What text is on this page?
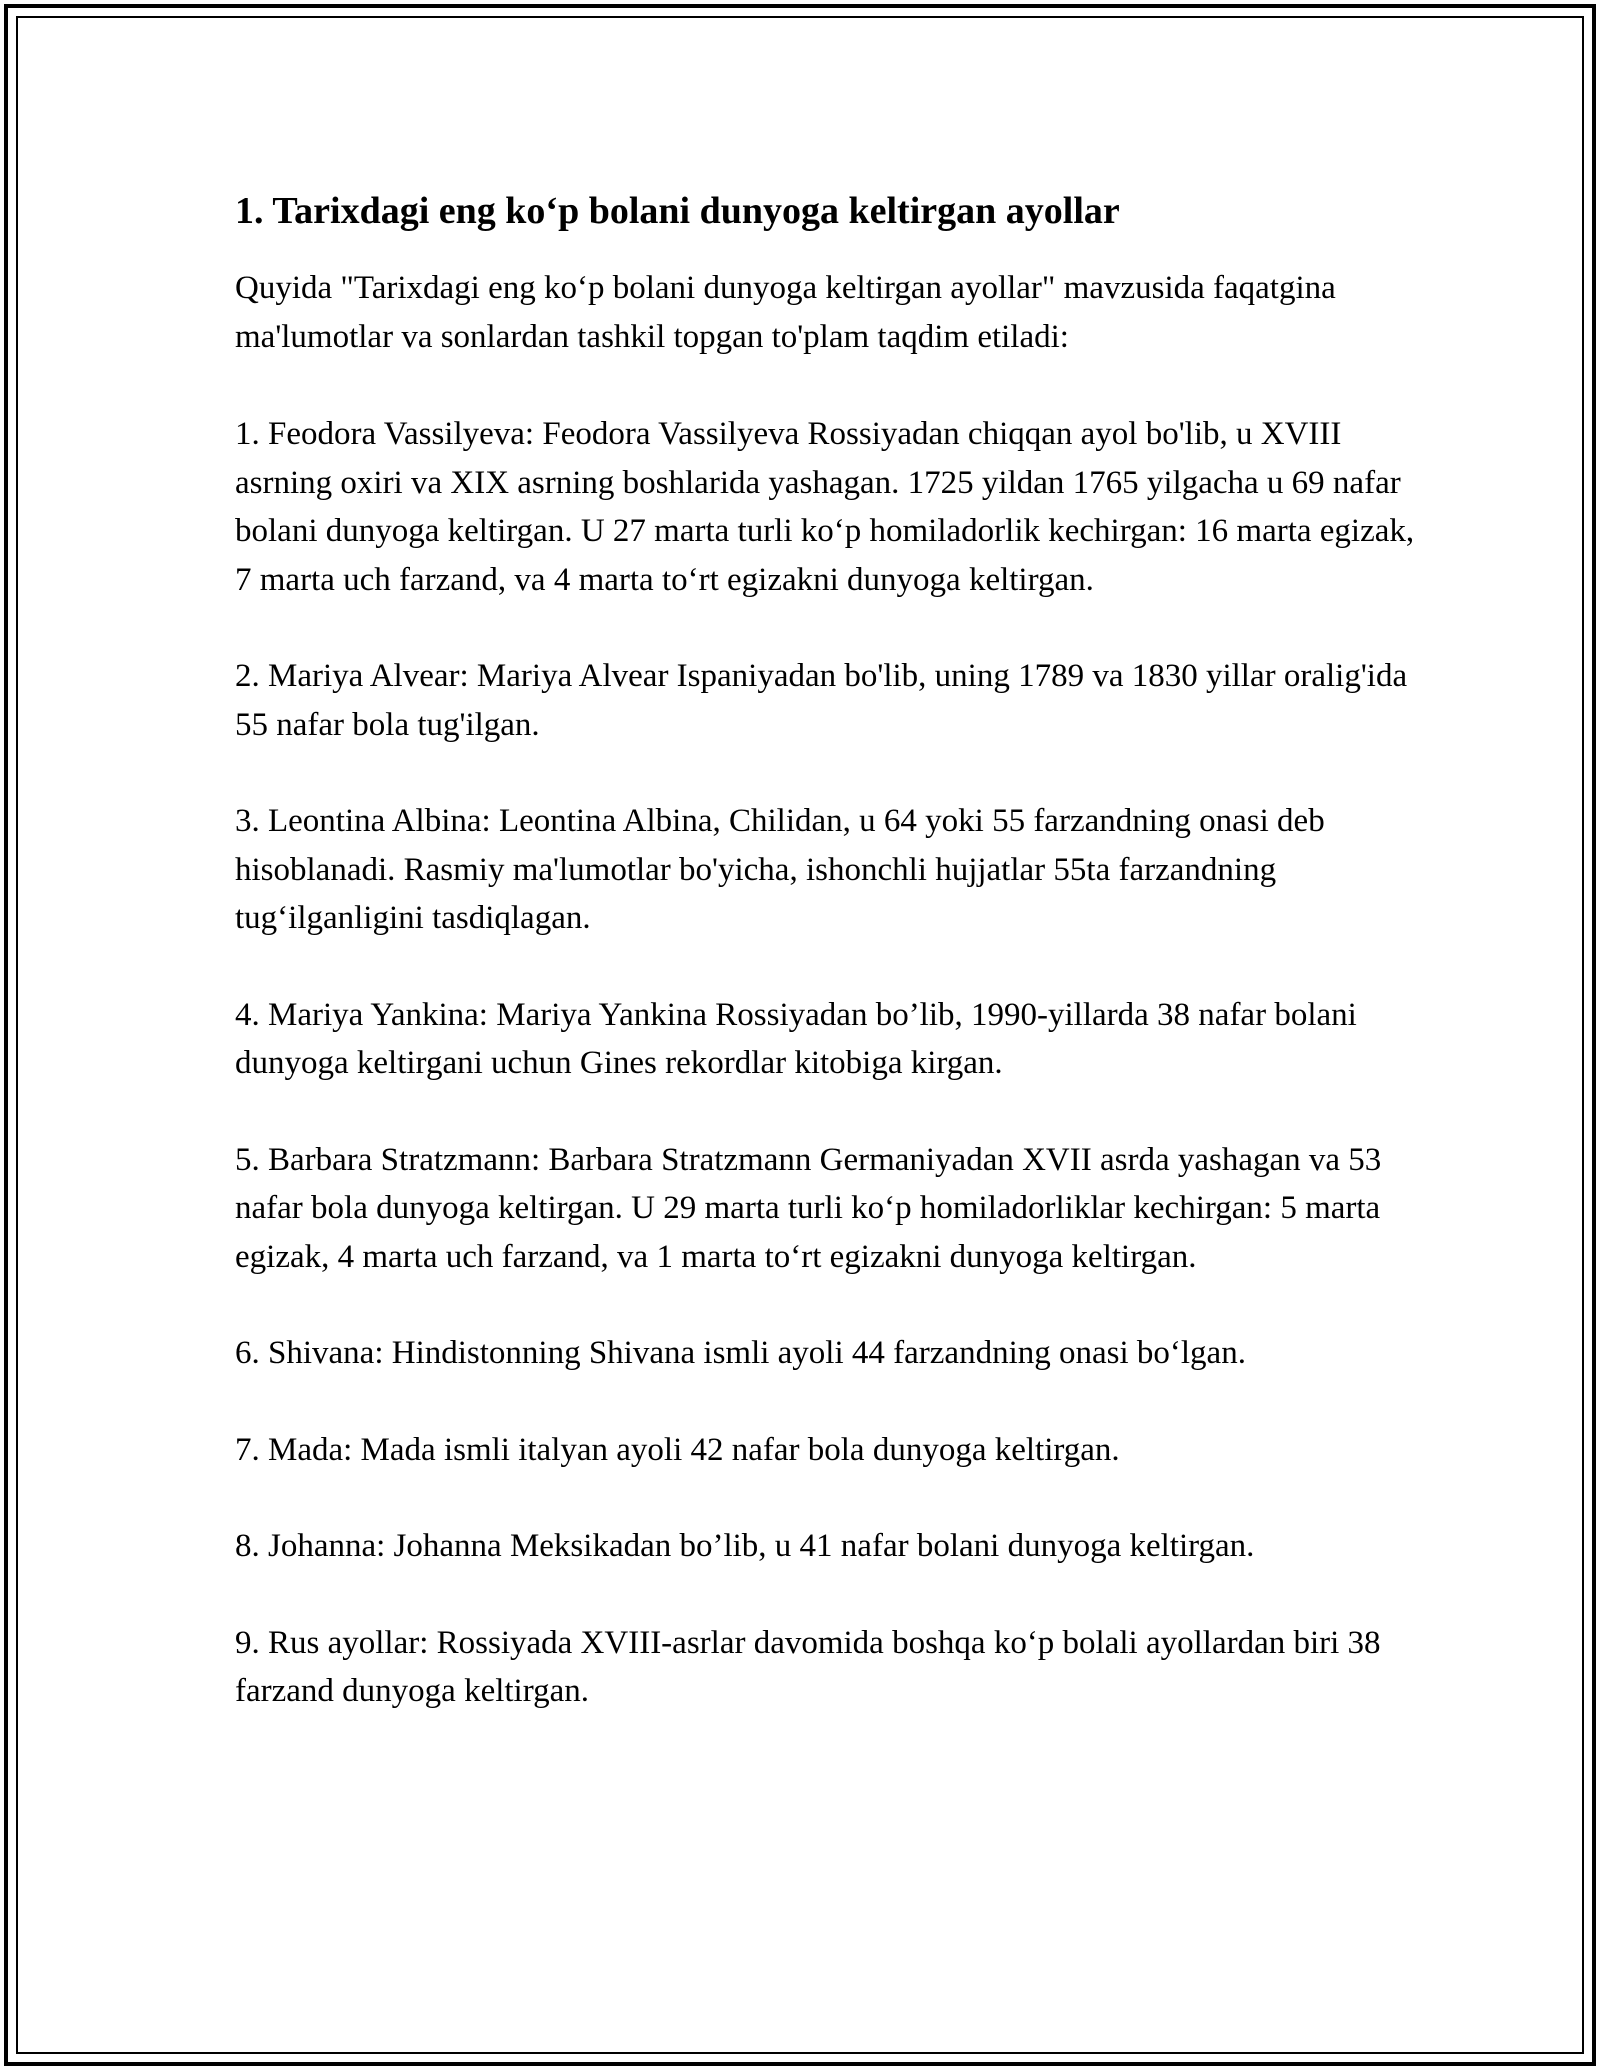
1. Tarixdagi eng ko‘p bolani dunyoga keltirgan ayollar

Quyida "Tarixdagi eng ko‘p bolani dunyoga keltirgan ayollar" mavzusida faqatgina ma'lumotlar va sonlardan tashkil topgan to'plam taqdim etiladi:

1. Feodora Vassilyeva: Feodora Vassilyeva Rossiyadan chiqqan ayol bo'lib, u XVIII asrning oxiri va XIX asrning boshlarida yashagan. 1725 yildan 1765 yilgacha u 69 nafar bolani dunyoga keltirgan. U 27 marta turli ko‘p homiladorlik kechirgan: 16 marta egizak, 7 marta uch farzand, va 4 marta to‘rt egizakni dunyoga keltirgan.

2. Mariya Alvear: Mariya Alvear Ispaniyadan bo'lib, uning 1789 va 1830 yillar oralig'ida 55 nafar bola tug'ilgan.

3. Leontina Albina: Leontina Albina, Chilidan, u 64 yoki 55 farzandning onasi deb hisoblanadi. Rasmiy ma'lumotlar bo'yicha, ishonchli hujjatlar 55ta farzandning tug‘ilganligini tasdiqlagan.

4. Mariya Yankina: Mariya Yankina Rossiyadan bo’lib, 1990-yillarda 38 nafar bolani dunyoga keltirgani uchun Gines rekordlar kitobiga kirgan.

5. Barbara Stratzmann: Barbara Stratzmann Germaniyadan XVII asrda yashagan va 53 nafar bola dunyoga keltirgan. U 29 marta turli ko‘p homiladorliklar kechirgan: 5 marta egizak, 4 marta uch farzand, va 1 marta to‘rt egizakni dunyoga keltirgan.

6. Shivana: Hindistonning Shivana ismli ayoli 44 farzandning onasi bo‘lgan.

7. Mada: Mada ismli italyan ayoli 42 nafar bola dunyoga keltirgan.

8. Johanna: Johanna Meksikadan bo’lib, u 41 nafar bolani dunyoga keltirgan.

9. Rus ayollar: Rossiyada XVIII-asrlar davomida boshqa ko‘p bolali ayollardan biri 38 farzand dunyoga keltirgan.
